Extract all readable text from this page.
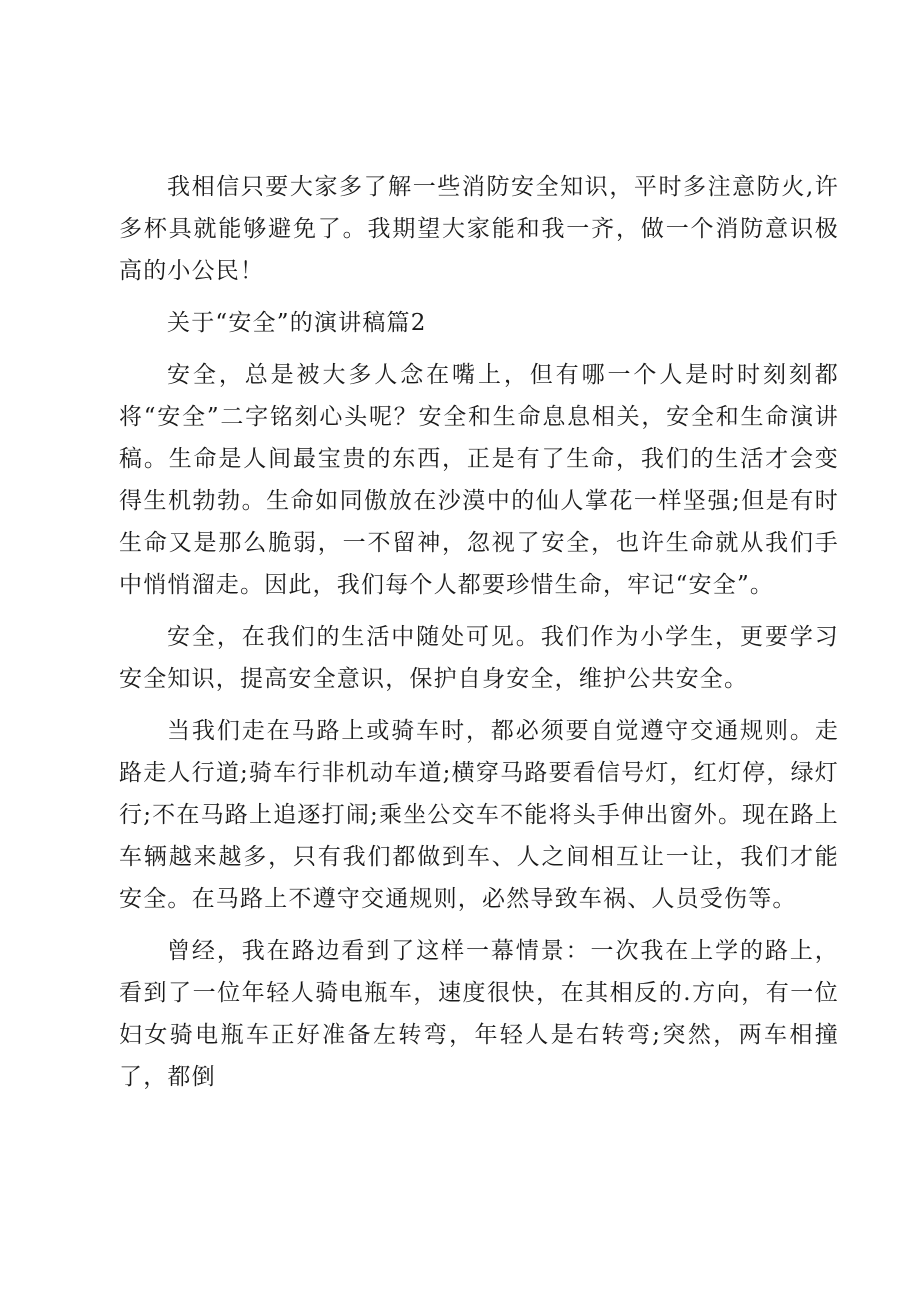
我相信只要大家多了解一些消防安全知识，平时多注意防火,许多杯具就能够避免了。我期望大家能和我一齐，做一个消防意识极高的小公民！

关于“安全”的演讲稿篇2

安全，总是被大多人念在嘴上，但有哪一个人是时时刻刻都将“安全”二字铭刻心头呢？安全和生命息息相关，安全和生命演讲稿。生命是人间最宝贵的东西，正是有了生命，我们的生活才会变得生机勃勃。生命如同傲放在沙漠中的仙人掌花一样坚强;但是有时生命又是那么脆弱，一不留神，忽视了安全，也许生命就从我们手中悄悄溜走。因此，我们每个人都要珍惜生命，牢记“安全”。

安全，在我们的生活中随处可见。我们作为小学生，更要学习安全知识，提高安全意识，保护自身安全，维护公共安全。

当我们走在马路上或骑车时，都必须要自觉遵守交通规则。走路走人行道;骑车行非机动车道;横穿马路要看信号灯，红灯停，绿灯行;不在马路上追逐打闹;乘坐公交车不能将头手伸出窗外。现在路上车辆越来越多，只有我们都做到车、人之间相互让一让，我们才能安全。在马路上不遵守交通规则，必然导致车祸、人员受伤等。

曾经，我在路边看到了这样一幕情景：一次我在上学的路上，看到了一位年轻人骑电瓶车，速度很快，在其相反的.方向，有一位妇女骑电瓶车正好准备左转弯，年轻人是右转弯;突然，两车相撞了，都倒
